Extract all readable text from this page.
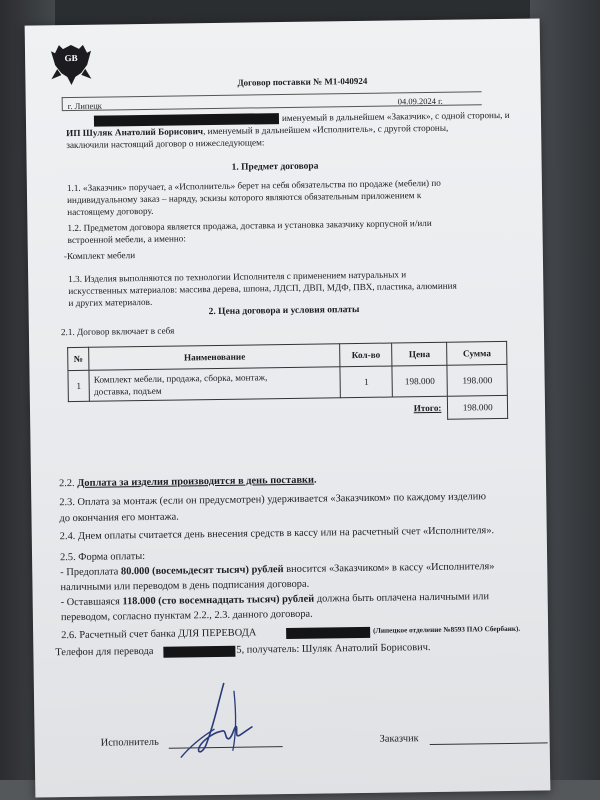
GB
Договор поставки № М1-040924
г. Липецк	04.09.2024 г.
именуемый в дальнейшем «Заказчик», с одной стороны, и
ИП Шуляк Анатолий Борисович, именуемый в дальнейшем «Исполнитель», с другой стороны,
заключили настоящий договор о нижеследующем:
1. Предмет договора
1.1. «Заказчик» поручает, а «Исполнитель» берет на себя обязательства по продаже (мебели) по
индивидуальному заказ – наряду, эскизы которого являются обязательным приложением к
настоящему договору.
1.2. Предметом договора является продажа, доставка и установка заказчику корпусной и/или
встроенной мебели, а именно:
-Комплект мебели
1.3. Изделия выполняются по технологии Исполнителя с применением натуральных и
искусственных материалов: массива дерева, шпона, ЛДСП, ДВП, МДФ, ПВХ, пластика, алюминия
и других материалов.
2. Цена договора и условия оплаты
2.1. Договор включает в себя
№	Наименование	Кол-во	Цена	Сумма
1	Комплект мебели, продажа, сборка, монтаж,
доставка, подъем	1	198.000	198.000
Итого:				198.000
2.2. Доплата за изделия производится в день поставки.
2.3. Оплата за монтаж (если он предусмотрен) удерживается «Заказчиком» по каждому изделию
до окончания его монтажа.
2.4. Днем оплаты считается день внесения средств в кассу или на расчетный счет «Исполнителя».
2.5. Форма оплаты:
- Предоплата 80.000 (восемьдесят тысяч) рублей вносится «Заказчиком» в кассу «Исполнителя»
наличными или переводом в день подписания договора.
- Оставшаяся 118.000 (сто восемнадцать тысяч) рублей должна быть оплачена наличными или
переводом, согласно пунктам 2.2., 2.3. данного договора.
2.6. Расчетный счет банка ДЛЯ ПЕРЕВОДА	(Липецкое отделение №8593 ПАО Сбербанк).
Телефон для перевода	5, получатель: Шуляк Анатолий Борисович.
Исполнитель	Заказчик
